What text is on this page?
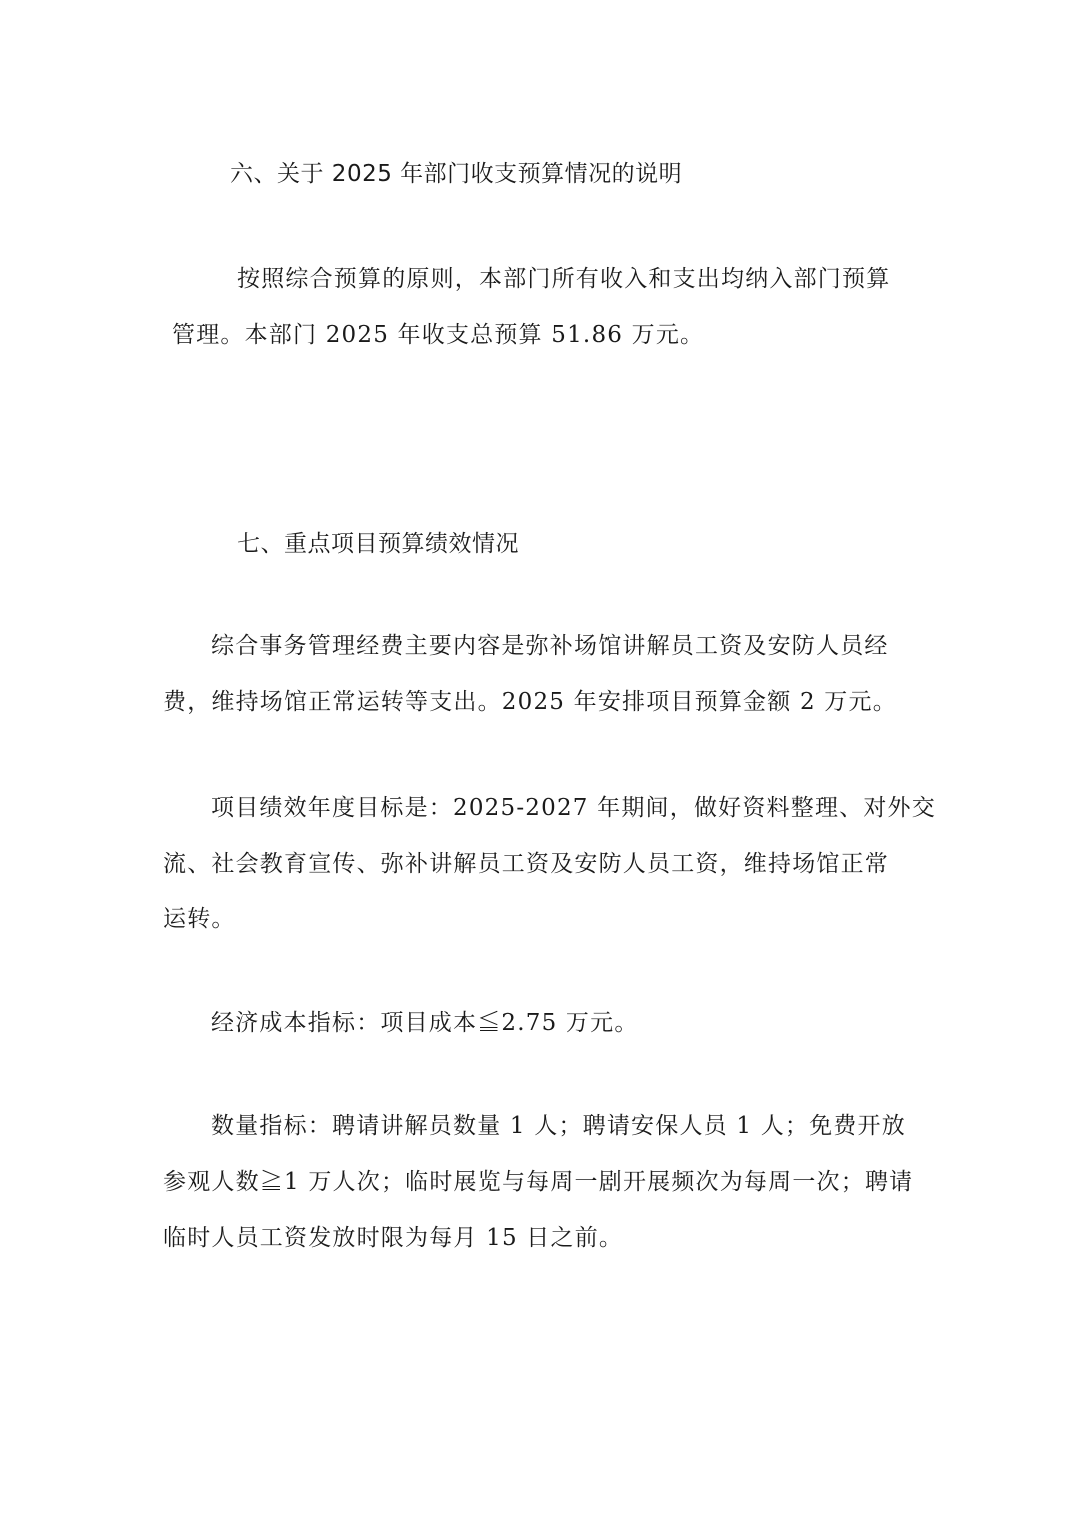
六、关于 2025 年部门收支预算情况的说明
按照综合预算的原则，本部门所有收入和支出均纳入部门预算
管理。本部门 2025 年收支总预算 51.86 万元。
七、重点项目预算绩效情况
综合事务管理经费主要内容是弥补场馆讲解员工资及安防人员经
费，维持场馆正常运转等支出。2025 年安排项目预算金额 2 万元。
项目绩效年度目标是：2025-2027 年期间，做好资料整理、对外交
流、社会教育宣传、弥补讲解员工资及安防人员工资，维持场馆正常
运转。
经济成本指标：项目成本≦2.75 万元。
数量指标：聘请讲解员数量 1 人；聘请安保人员 1 人；免费开放
参观人数≧1 万人次；临时展览与每周一剧开展频次为每周一次；聘请
临时人员工资发放时限为每月 15 日之前。
